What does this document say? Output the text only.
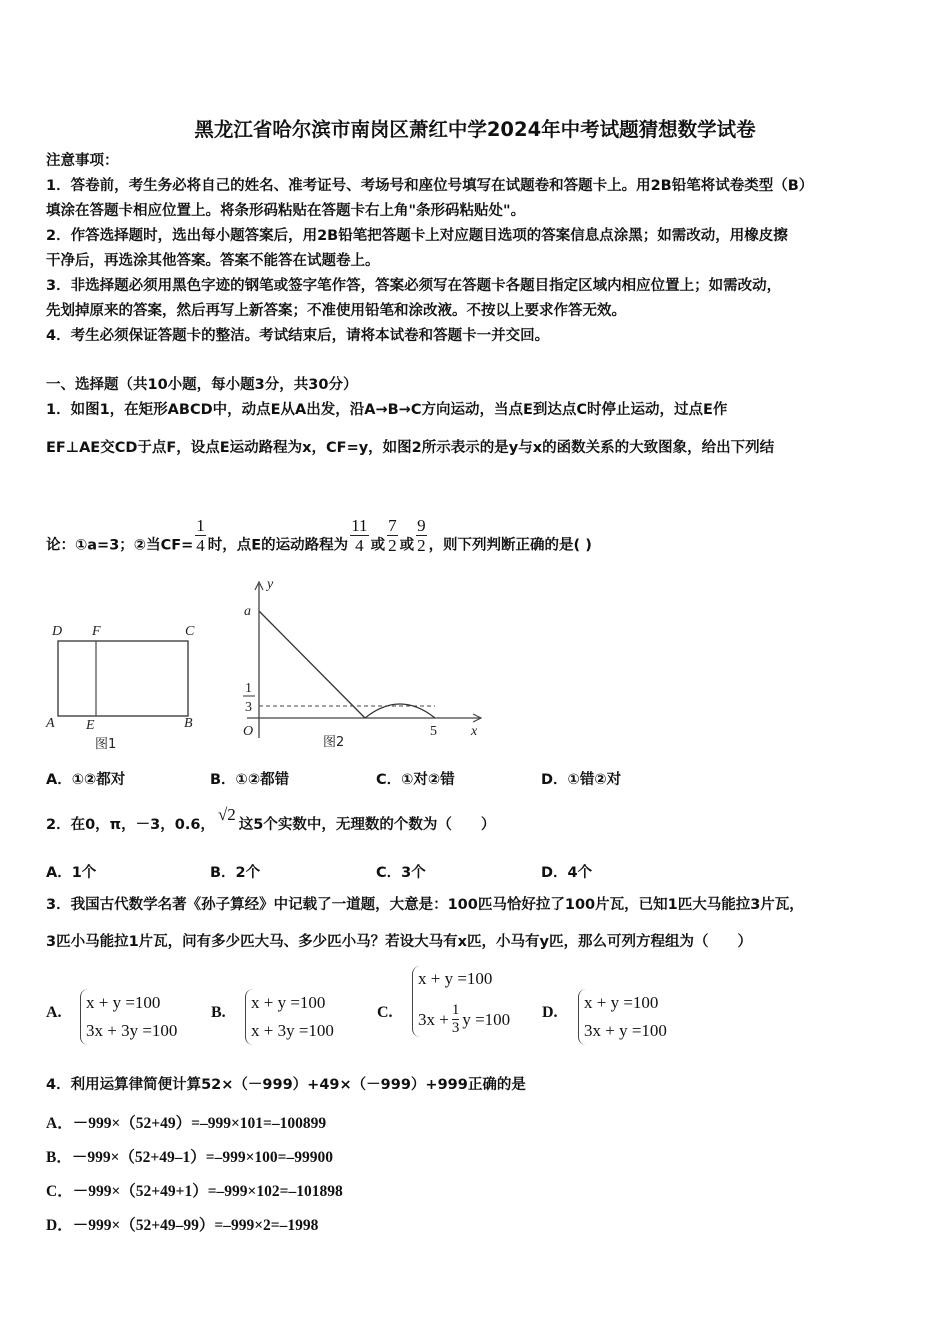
黑龙江省哈尔滨市南岗区萧红中学2024年中考试题猜想数学试卷
注意事项：
1．答卷前，考生务必将自己的姓名、准考证号、考场号和座位号填写在试题卷和答题卡上。用2B铅笔将试卷类型（B）
填涂在答题卡相应位置上。将条形码粘贴在答题卡右上角"条形码粘贴处"。
2．作答选择题时，选出每小题答案后，用2B铅笔把答题卡上对应题目选项的答案信息点涂黑；如需改动，用橡皮擦
干净后，再选涂其他答案。答案不能答在试题卷上。
3．非选择题必须用黑色字迹的钢笔或签字笔作答，答案必须写在答题卡各题目指定区域内相应位置上；如需改动，
先划掉原来的答案，然后再写上新答案；不准使用铅笔和涂改液。不按以上要求作答无效。
4．考生必须保证答题卡的整洁。考试结束后，请将本试卷和答题卡一并交回。
一、选择题（共10小题，每小题3分，共30分）
1．如图1，在矩形ABCD中，动点E从A出发，沿A→B→C方向运动，当点E到达点C时停止运动，过点E作
EF⊥AE交CD于点F，设点E运动路程为x，CF=y，如图2所示表示的是y与x的函数关系的大致图象，给出下列结
论：①a=3；②当$CF= \frac{1}{4}$ 时，点E的运动路程为 $\frac{11}{4}$ 或 $\frac{7}{2}$ 或 $\frac{9}{2}$ ，则下列判断正确的是( )
D F	C
A E	B
图1
y
a
1
3
O	5 x
图2
A．①②都对	B．①②都错	C．①对②错	D．①错②对
2．在0，π，－3，0.6，√2这5个实数中，无理数的个数为（　　）
A．1个	B．2个	C．3个	D．4个
3．我国古代数学名著《孙子算经》中记载了一道题，大意是：100匹马恰好拉了100片瓦，已知1匹大马能拉3片瓦，
3匹小马能拉1片瓦，问有多少匹大马、多少匹小马？若设大马有x匹，小马有y匹，那么可列方程组为（　　）
A.
x + y =100
3x + 3y =100
B.
x + y =100
x + 3y =100
C.
x + y =100
$3x + \frac{1}{3}$ y =100 D.
x + y =100
3x + y =100
4．利用运算律简便计算52×（－999）+49×（－999）+999正确的是
A．－999×（52+49）=–999×101=–100899
B．－999×（52+49–1）=–999×100=–99900
C．－999×（52+49+1）=–999×102=–101898
D．－999×（52+49–99）=–999×2=–1998
